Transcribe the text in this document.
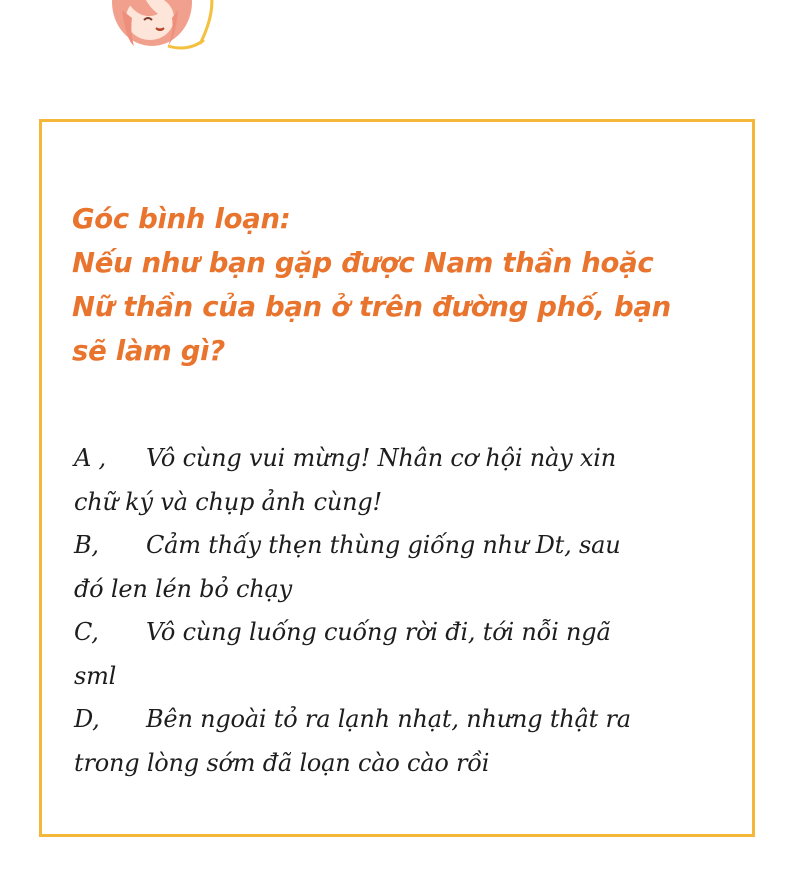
Góc bình loạn:
Nếu như bạn gặp được Nam thần hoặc
Nữ thần của bạn ở trên đường phố, bạn
sẽ làm gì?
A , Vô cùng vui mừng! Nhân cơ hội này xin
chữ ký và chụp ảnh cùng!
B, Cảm thấy thẹn thùng giống như Dt, sau
đó len lén bỏ chạy
C, Vô cùng luống cuống rời đi, tới nỗi ngã
sml
D, Bên ngoài tỏ ra lạnh nhạt, nhưng thật ra
trong lòng sớm đã loạn cào cào rồi
